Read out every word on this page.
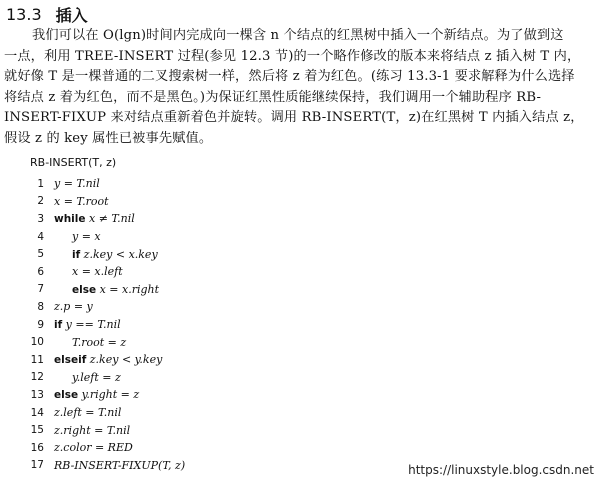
13.3 插入
我们可以在 O(lgn)时间内完成向一棵含 n 个结点的红黑树中插入一个新结点。为了做到这
一点，利用 TREE-INSERT 过程(参见 12.3 节)的一个略作修改的版本来将结点 z 插入树 T 内，
就好像 T 是一棵普通的二叉搜索树一样，然后将 z 着为红色。(练习 13.3-1 要求解释为什么选择
将结点 z 着为红色，而不是黑色。)为保证红黑性质能继续保持，我们调用一个辅助程序 RB-
INSERT-FIXUP 来对结点重新着色并旋转。调用 RB-INSERT(T，z)在红黑树 T 内插入结点 z，
假设 z 的 key 属性已被事先赋值。
RB-INSERT(T, z)
1 y = T.nil
2 x = T.root
3 while x ≠ T.nil
4	y = x
5	if z.key < x.key
6	x = x.left
7	else x = x.right
8 z.p = y
9 if y == T.nil
10	T.root = z
11 elseif z.key < y.key
12	y.left = z
13 else y.right = z
14 z.left = T.nil
15 z.right = T.nil
16 z.color = RED
17 RB-INSERT-FIXUP(T, z)	https://linuxstyle.blog.csdn.net
